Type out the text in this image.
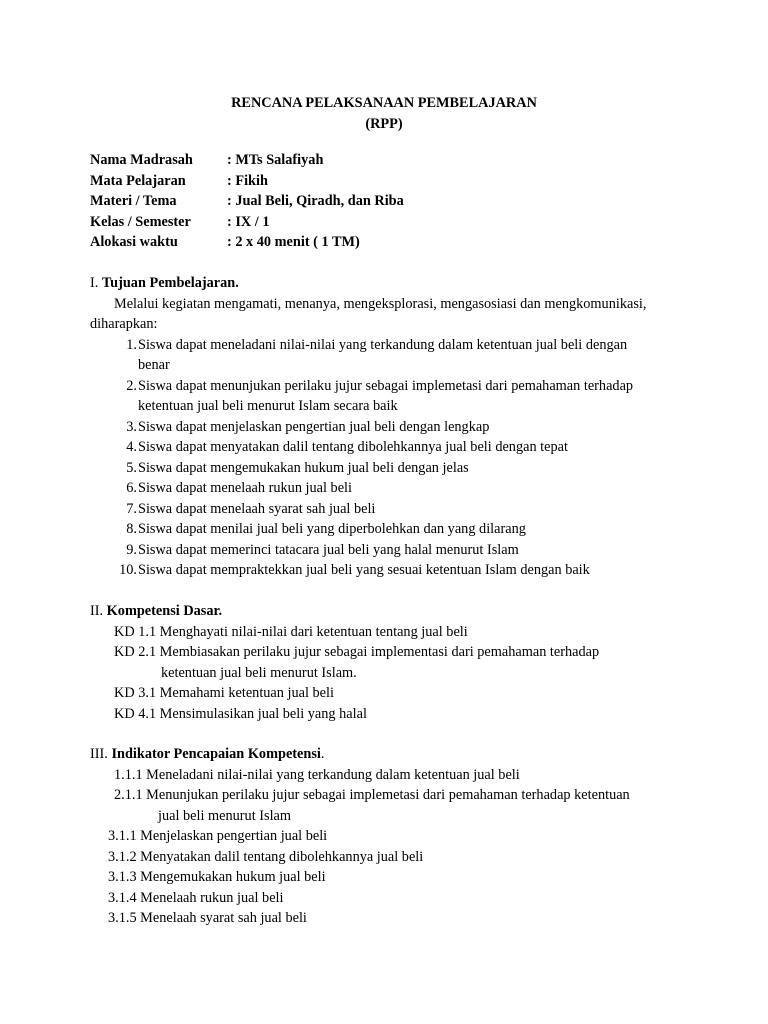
RENCANA PELAKSANAAN PEMBELAJARAN
(RPP)
Nama Madrasah : MTs Salafiyah
Mata Pelajaran	: Fikih
Materi / Tema	: Jual Beli, Qiradh, dan Riba
Kelas / Semester	: IX / 1
Alokasi waktu	: 2 x 40 menit ( 1 TM)
I. Tujuan Pembelajaran.
Melalui kegiatan mengamati, menanya, mengeksplorasi, mengasosiasi dan mengkomunikasi,
diharapkan:
1. Siswa dapat meneladani nilai-nilai yang terkandung dalam ketentuan jual beli dengan
benar
2. Siswa dapat menunjukan perilaku jujur sebagai implemetasi dari pemahaman terhadap
ketentuan jual beli menurut Islam secara baik
3. Siswa dapat menjelaskan pengertian jual beli dengan lengkap
4. Siswa dapat menyatakan dalil tentang dibolehkannya jual beli dengan tepat
5. Siswa dapat mengemukakan hukum jual beli dengan jelas
6. Siswa dapat menelaah rukun jual beli
7. Siswa dapat menelaah syarat sah jual beli
8. Siswa dapat menilai jual beli yang diperbolehkan dan yang dilarang
9. Siswa dapat memerinci tatacara jual beli yang halal menurut Islam
10. Siswa dapat mempraktekkan jual beli yang sesuai ketentuan Islam dengan baik
II. Kompetensi Dasar.
KD 1.1 Menghayati nilai-nilai dari ketentuan tentang jual beli
KD 2.1 Membiasakan perilaku jujur sebagai implementasi dari pemahaman terhadap
ketentuan jual beli menurut Islam.
KD 3.1 Memahami ketentuan jual beli
KD 4.1 Mensimulasikan jual beli yang halal
III. Indikator Pencapaian Kompetensi.
1.1.1 Meneladani nilai-nilai yang terkandung dalam ketentuan jual beli
2.1.1 Menunjukan perilaku jujur sebagai implemetasi dari pemahaman terhadap ketentuan
jual beli menurut Islam
3.1.1 Menjelaskan pengertian jual beli
3.1.2 Menyatakan dalil tentang dibolehkannya jual beli
3.1.3 Mengemukakan hukum jual beli
3.1.4 Menelaah rukun jual beli
3.1.5 Menelaah syarat sah jual beli
